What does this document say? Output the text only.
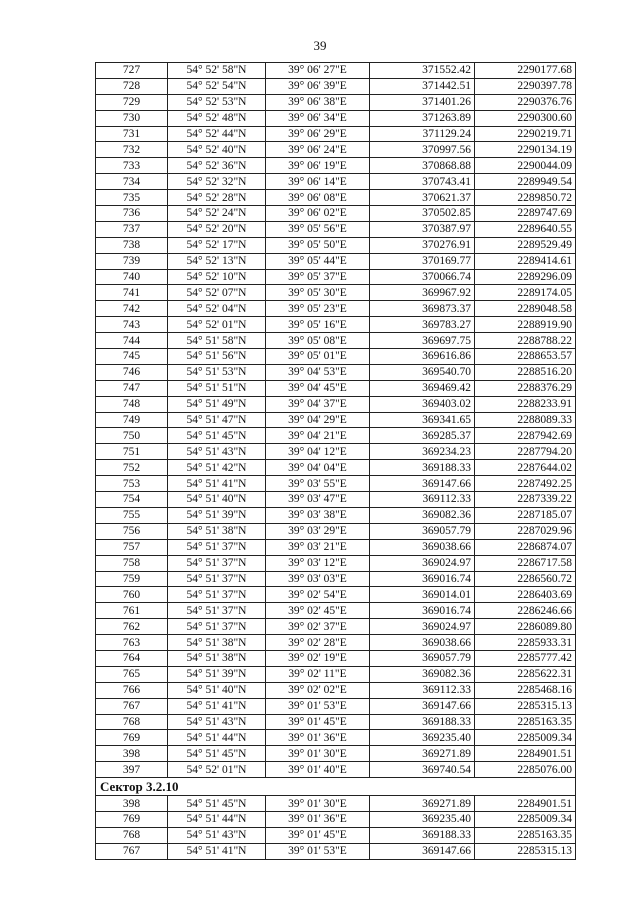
39
727	54° 52' 58"N	39° 06' 27"E	371552.42	2290177.68
728	54° 52' 54"N	39° 06' 39"E	371442.51	2290397.78
729	54° 52' 53"N	39° 06' 38"E	371401.26	2290376.76
730	54° 52' 48"N	39° 06' 34"E	371263.89	2290300.60
731	54° 52' 44"N	39° 06' 29"E	371129.24	2290219.71
732	54° 52' 40"N	39° 06' 24"E	370997.56	2290134.19
733	54° 52' 36"N	39° 06' 19"E	370868.88	2290044.09
734	54° 52' 32"N	39° 06' 14"E	370743.41	2289949.54
735	54° 52' 28"N	39° 06' 08"E	370621.37	2289850.72
736	54° 52' 24"N	39° 06' 02"E	370502.85	2289747.69
737	54° 52' 20"N	39° 05' 56"E	370387.97	2289640.55
738	54° 52' 17"N	39° 05' 50"E	370276.91	2289529.49
739	54° 52' 13"N	39° 05' 44"E	370169.77	2289414.61
740	54° 52' 10"N	39° 05' 37"E	370066.74	2289296.09
741	54° 52' 07"N	39° 05' 30"E	369967.92	2289174.05
742	54° 52' 04"N	39° 05' 23"E	369873.37	2289048.58
743	54° 52' 01"N	39° 05' 16"E	369783.27	2288919.90
744	54° 51' 58"N	39° 05' 08"E	369697.75	2288788.22
745	54° 51' 56"N	39° 05' 01"E	369616.86	2288653.57
746	54° 51' 53"N	39° 04' 53"E	369540.70	2288516.20
747	54° 51' 51"N	39° 04' 45"E	369469.42	2288376.29
748	54° 51' 49"N	39° 04' 37"E	369403.02	2288233.91
749	54° 51' 47"N	39° 04' 29"E	369341.65	2288089.33
750	54° 51' 45"N	39° 04' 21"E	369285.37	2287942.69
751	54° 51' 43"N	39° 04' 12"E	369234.23	2287794.20
752	54° 51' 42"N	39° 04' 04"E	369188.33	2287644.02
753	54° 51' 41"N	39° 03' 55"E	369147.66	2287492.25
754	54° 51' 40"N	39° 03' 47"E	369112.33	2287339.22
755	54° 51' 39"N	39° 03' 38"E	369082.36	2287185.07
756	54° 51' 38"N	39° 03' 29"E	369057.79	2287029.96
757	54° 51' 37"N	39° 03' 21"E	369038.66	2286874.07
758	54° 51' 37"N	39° 03' 12"E	369024.97	2286717.58
759	54° 51' 37"N	39° 03' 03"E	369016.74	2286560.72
760	54° 51' 37"N	39° 02' 54"E	369014.01	2286403.69
761	54° 51' 37"N	39° 02' 45"E	369016.74	2286246.66
762	54° 51' 37"N	39° 02' 37"E	369024.97	2286089.80
763	54° 51' 38"N	39° 02' 28"E	369038.66	2285933.31
764	54° 51' 38"N	39° 02' 19"E	369057.79	2285777.42
765	54° 51' 39"N	39° 02' 11"E	369082.36	2285622.31
766	54° 51' 40"N	39° 02' 02"E	369112.33	2285468.16
767	54° 51' 41"N	39° 01' 53"E	369147.66	2285315.13
768	54° 51' 43"N	39° 01' 45"E	369188.33	2285163.35
769	54° 51' 44"N	39° 01' 36"E	369235.40	2285009.34
398	54° 51' 45"N	39° 01' 30"E	369271.89	2284901.51
397	54° 52' 01"N	39° 01' 40"E	369740.54	2285076.00
Сектор 3.2.10				
398	54° 51' 45"N	39° 01' 30"E	369271.89	2284901.51
769	54° 51' 44"N	39° 01' 36"E	369235.40	2285009.34
768	54° 51' 43"N	39° 01' 45"E	369188.33	2285163.35
767	54° 51' 41"N	39° 01' 53"E	369147.66	2285315.13
